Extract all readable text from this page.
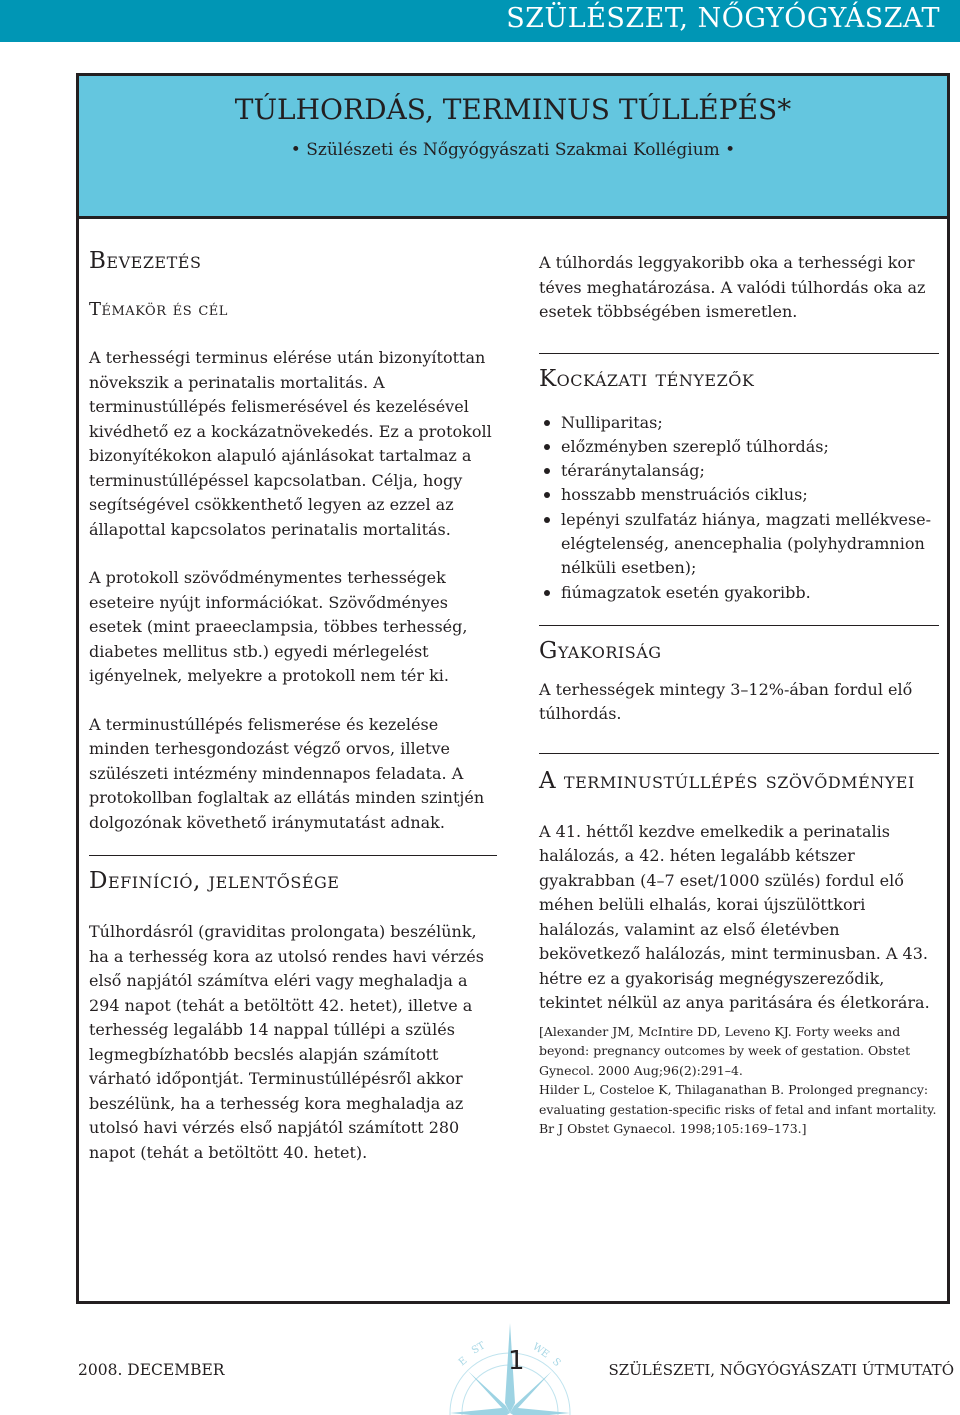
SZÜLÉSZET, NŐGYÓGYÁSZAT
TÚLHORDÁS, TERMINUS TÚLLÉPÉS*
• Szülészeti és Nőgyógyászati Szakmai Kollégium •
Bevezetés
Témakör és cél

A terhességi terminus elérése után bizonyítottan növekszik a perinatalis mortalitás. A terminustúllépés felismerésével és kezelésével kivédhető ez a kockázatnövekedés. Ez a protokoll bizonyítékokon alapuló ajánlásokat tartalmaz a terminustúllépéssel kapcsolatban. Célja, hogy segítségével csökkenthető legyen az ezzel az állapottal kapcsolatos perinatalis mortalitás.

A protokoll szövődménymentes terhességek eseteire nyújt információkat. Szövődményes esetek (mint praeeclampsia, többes terhesség, diabetes mellitus stb.) egyedi mérlegelést igényelnek, melyekre a protokoll nem tér ki.

A terminustúllépés felismerése és kezelése minden terhesgondozást végző orvos, illetve szülészeti intézmény mindennapos feladata. A protokollban foglaltak az ellátás minden szintjén dolgozónak követhető iránymutatást adnak.

Definíció, jelentősége

Túlhordásról (graviditas prolongata) beszélünk, ha a terhesség kora az utolsó rendes havi vérzés első napjától számítva eléri vagy meghaladja a 294 napot (tehát a betöltött 42. hetet), illetve a terhesség legalább 14 nappal túllépi a szülés legmegbízhatóbb becslés alapján számított várható időpontját. Terminustúllépésről akkor beszélünk, ha a terhesség kora meghaladja az utolsó havi vérzés első napjától számított 280 napot (tehát a betöltött 40. hetet).

A túlhordás leggyakoribb oka a terhességi kor téves meghatározása. A valódi túlhordás oka az esetek többségében ismeretlen.

Kockázati tényezők
Nulliparitas;
előzményben szereplő túlhordás;
téraránytalanság;
hosszabb menstruációs ciklus;
lepényi szulfatáz hiánya, magzati mellékvese-elégtelenség, anencephalia (polyhydramnion nélküli esetben);
fiúmagzatok esetén gyakoribb.
Gyakoriság

A terhességek mintegy 3–12%-ában fordul elő túlhordás.

A terminustúllépés szövődményei

A 41. héttől kezdve emelkedik a perinatalis halálozás, a 42. héten legalább kétszer gyakrabban (4–7 eset/1000 szülés) fordul elő méhen belüli elhalás, korai újszülöttkori halálozás, valamint az első életévben bekövetkező halálozás, mint terminusban. A 43. hétre ez a gyakoriság megnégyszereződik, tekintet nélkül az anya paritására és életkorára.

[Alexander JM, McIntire DD, Leveno KJ. Forty weeks and beyond: pregnancy outcomes by week of gestation. Obstet Gynecol. 2000 Aug;96(2):291–4.

Hilder L, Costeloe K, Thilaganathan B. Prolonged pregnancy: evaluating gestation-specific risks of fetal and infant mortality. Br J Obstet Gynaecol. 1998;105:169–173.]

2008. DECEMBER	E
ST	WE
S
1	SZÜLÉSZETI, NŐGYÓGYÁSZATI ÚTMUTATÓ
